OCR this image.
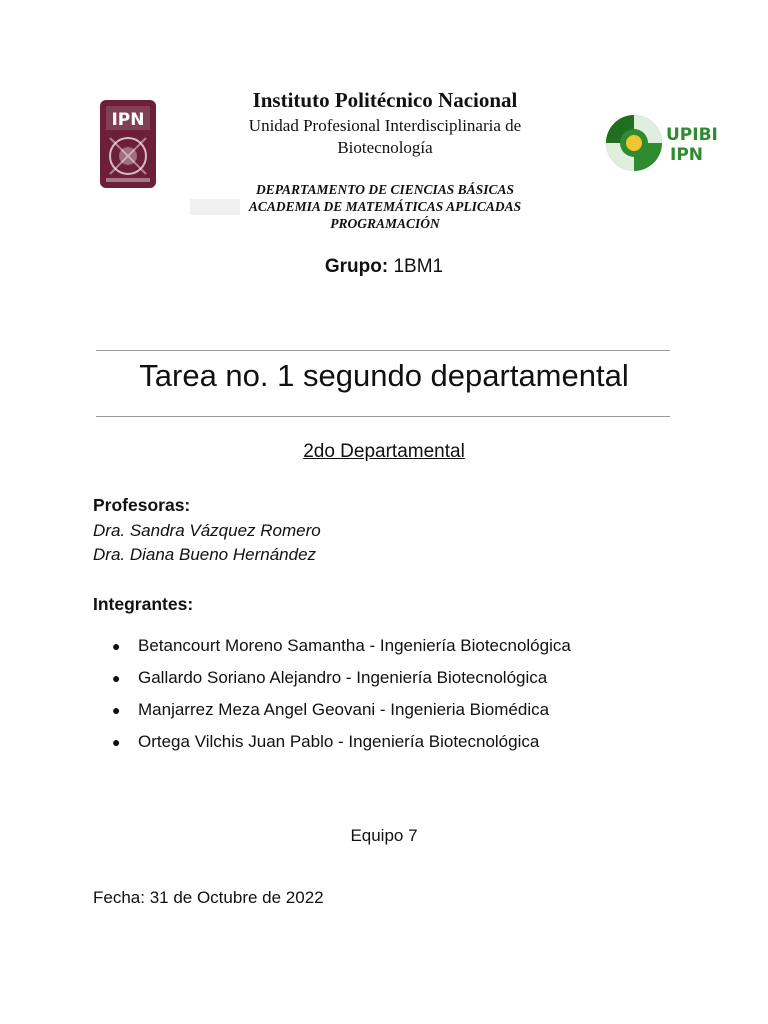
IPN
UPIBI
IPN
Instituto Politécnico Nacional
Unidad Profesional Interdisciplinaria de
Biotecnología
DEPARTAMENTO DE CIENCIAS BÁSICAS
ACADEMIA DE MATEMÁTICAS APLICADAS
PROGRAMACIÓN
Grupo: 1BM1
Tarea no. 1 segundo departamental
2do Departamental
Profesoras:
Dra. Sandra Vázquez Romero
Dra. Diana Bueno Hernández
Integrantes:
● Betancourt Moreno Samantha - Ingeniería Biotecnológica
● Gallardo Soriano Alejandro - Ingeniería Biotecnológica
● Manjarrez Meza Angel Geovani - Ingenieria Biomédica
● Ortega Vilchis Juan Pablo - Ingeniería Biotecnológica
Equipo 7
Fecha: 31 de Octubre de 2022
